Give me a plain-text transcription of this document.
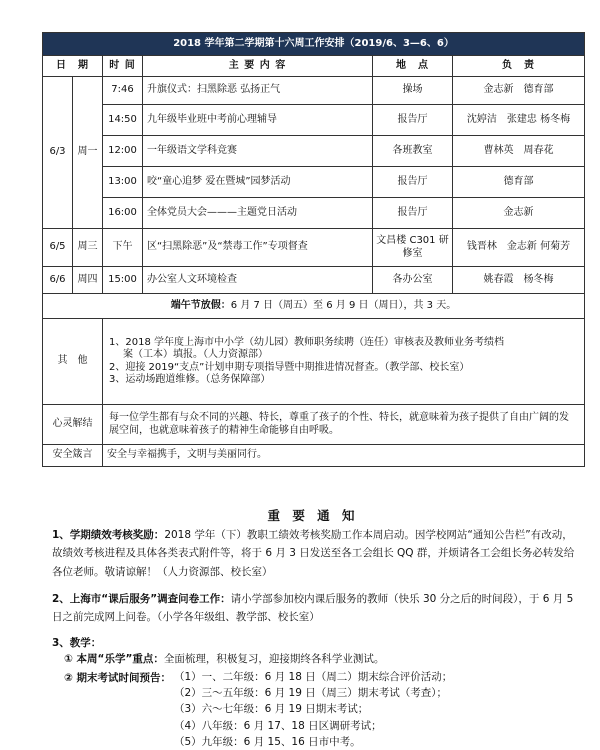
2018 学年第二学期第十六周工作安排（2019/6、3—6、6）					
日　期		时 间	主 要 内 容	地　点	负　责
6/3	周一	7:46	升旗仪式：扫黑除恶 弘扬正气	操场	金志新　德育部
		14:50	九年级毕业班中考前心理辅导	报告厅	沈婷洁　张建忠 杨冬梅
		12:00	一年级语文学科竞赛	各班教室	曹林英　周春花
		13:00	咬“童心追梦 爱在暨城”园梦活动	报告厅	德育部
		16:00	全体党员大会———主题党日活动	报告厅	金志新
6/5	周三	下午	区“扫黑除恶”及“禁毒工作”专项督查	文昌楼 C301 研修室	钱晋林　金志新 何菊芳
6/6	周四	15:00	办公室人文环境检查	各办公室	姚春霞　杨冬梅
端午节放假：6 月 7 日（周五）至 6 月 9 日（周日），共 3 天。					
其　他		1、2018 学年度上海市中小学（幼儿园）教师职务续聘（连任）审核表及教师业务考绩档
案（工本）填报。（人力资源部）
2、迎接 2019“支点”计划申期专项指导暨中期推进情况督查。（教学部、校长室）
3、运动场跑道维修。（总务保障部）			

心灵解结		每一位学生都有与众不同的兴趣、特长，尊重了孩子的个性、特长，就意味着为孩子提供了自由广阔的发展空间，也就意味着孩子的精神生命能够自由呼吸。			
安全箴言		安全与幸福携手，文明与美丽同行。			
重 要 通 知
1、学期绩效考核奖励：2018 学年（下）教职工绩效考核奖励工作本周启动。因学校网站“通知公告栏”有改动，故绩效考核进程及具体各类表式附件等，将于 6 月 3 日发送至各工会组长 QQ 群，并烦请各工会组长务必转发给各位老师。敬请谅解！（人力资源部、校长室）
2、上海市“课后服务”调查问卷工作：请小学部参加校内课后服务的教师（快乐 30 分之后的时间段），于 6 月 5 日之前完成网上问卷。（小学各年级组、教学部、校长室）
3、教学：
① 本周“乐学”重点：全面梳理，积极复习，迎接期终各科学业测试。
② 期末考试时间预告： （1）一、二年级：6 月 18 日（周二）期末综合评价活动；
（2）三～五年级：6 月 19 日（周三）期末考试（考查）；
（3）六～七年级：6 月 19 日期末考试；
（4）八年级：6 月 17、18 日区调研考试；
（5）九年级：6 月 15、16 日市中考。
